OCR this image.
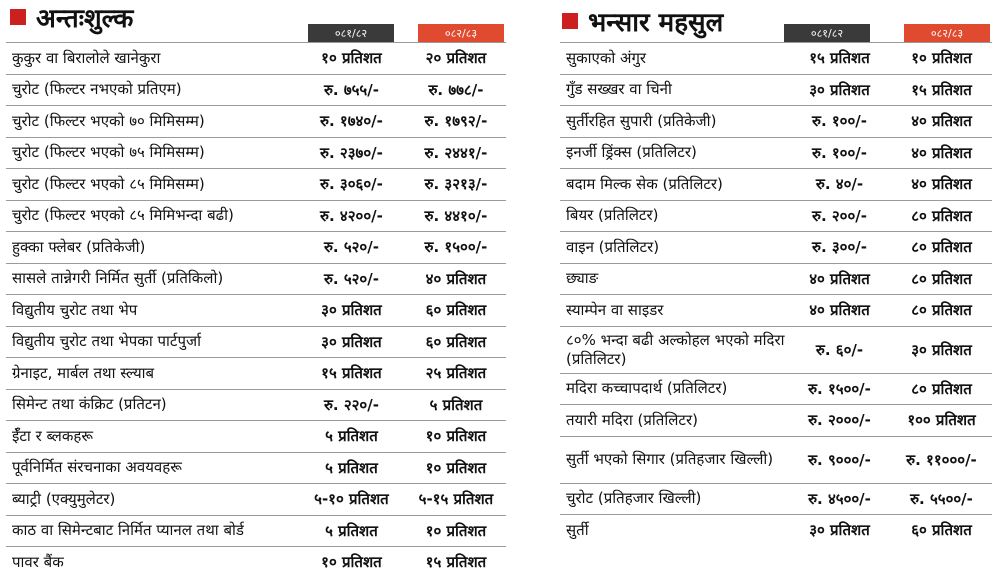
अन्तःशुल्क	०८१/८२	०८२/८३
कुकुर वा बिरालोले खानेकुरा	१० प्रतिशत	२० प्रतिशत
चुरोट (फिल्टर नभएको प्रतिएम)	रु. ७५५/-	रु. ७७८/-
चुरोट (फिल्टर भएको ७० मिमिसम्म)	रु. १७४०/-	रु. १७९२/-
चुरोट (फिल्टर भएको ७५ मिमिसम्म)	रु. २३७०/-	रु. २४४१/-
चुरोट (फिल्टर भएको ८५ मिमिसम्म)	रु. ३०६०/-	रु. ३२१३/-
चुरोट (फिल्टर भएको ८५ मिमिभन्दा बढी)	रु. ४२००/-	रु. ४४१०/-
हुक्का फ्लेबर (प्रतिकेजी)	रु. ५२०/-	रु. १५००/-
सासले तान्नेगरी निर्मित सुर्ती (प्रतिकिलो)	रु. ५२०/-	४० प्रतिशत
विद्युतीय चुरोट तथा भेप	३० प्रतिशत	६० प्रतिशत
विद्युतीय चुरोट तथा भेपका पार्टपुर्जा	३० प्रतिशत	६० प्रतिशत
ग्रेनाइट, मार्बल तथा स्ल्याब	१५ प्रतिशत	२५ प्रतिशत
सिमेन्ट तथा कंक्रिट (प्रतिटन)	रु. २२०/-	५ प्रतिशत
ईँटा र ब्लकहरू	५ प्रतिशत	१० प्रतिशत
पूर्वनिर्मित संरचनाका अवयवहरू	५ प्रतिशत	१० प्रतिशत
ब्याट्री (एक्युमुलेटर)	५-१० प्रतिशत	५-१५ प्रतिशत
काठ वा सिमेन्टबाट निर्मित प्यानल तथा बोर्ड	५ प्रतिशत	१० प्रतिशत
पावर बैंक	१० प्रतिशत	१५ प्रतिशत
भन्सार महसुल	०८१/८२	०८२/८३
सुकाएको अंगुर	१५ प्रतिशत	१० प्रतिशत
गुँड सख्खर वा चिनी	३० प्रतिशत	१५ प्रतिशत
सुर्तीरहित सुपारी (प्रतिकेजी)	रु. १००/-	४० प्रतिशत
इनर्जी ड्रिंक्स (प्रतिलिटर)	रु. १००/-	४० प्रतिशत
बदाम मिल्क सेक (प्रतिलिटर)	रु. ४०/-	४० प्रतिशत
बियर (प्रतिलिटर)	रु. २००/-	८० प्रतिशत
वाइन (प्रतिलिटर)	रु. ३००/-	८० प्रतिशत
छ्याङ	४० प्रतिशत	८० प्रतिशत
स्याम्पेन वा साइडर	४० प्रतिशत	८० प्रतिशत
८०% भन्दा बढी अल्कोहल भएको मदिरा (प्रतिलिटर)	रु. ६०/-	३० प्रतिशत
मदिरा कच्चापदार्थ (प्रतिलिटर)	रु. १५००/-	८० प्रतिशत
तयारी मदिरा (प्रतिलिटर)	रु. २०००/-	१०० प्रतिशत
सुर्ती भएको सिगार (प्रतिहजार खिल्ली)	रु. ९०००/-	रु. ११०००/-
चुरोट (प्रतिहजार खिल्ली)	रु. ४५००/-	रु. ५५००/-
सुर्ती	३० प्रतिशत	६० प्रतिशत
